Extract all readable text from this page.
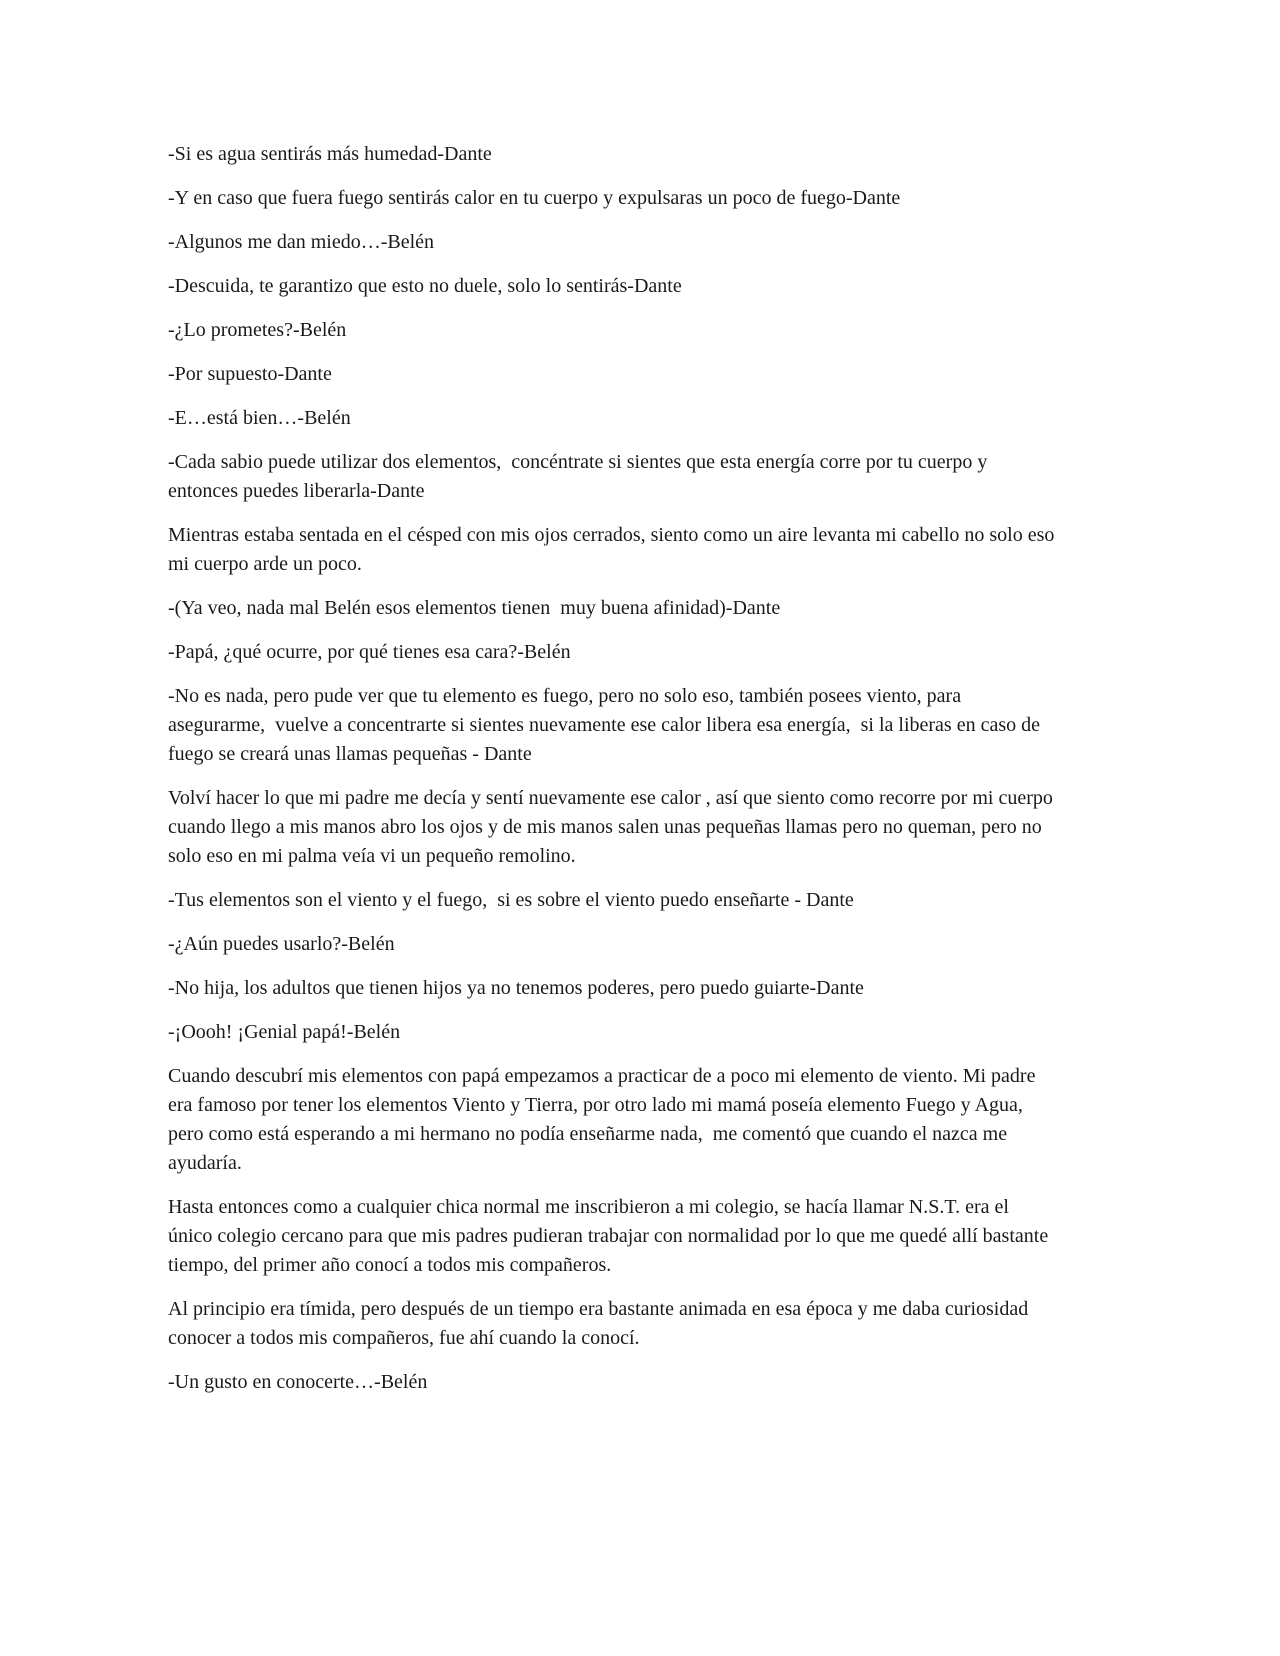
-Si es agua sentirás más humedad-Dante

-Y en caso que fuera fuego sentirás calor en tu cuerpo y expulsaras un poco de fuego-Dante

-Algunos me dan miedo…-Belén

-Descuida, te garantizo que esto no duele, solo lo sentirás-Dante

-¿Lo prometes?-Belén

-Por supuesto-Dante

-E…está bien…-Belén

-Cada sabio puede utilizar dos elementos,  concéntrate si sientes que esta energía corre por tu cuerpo y entonces puedes liberarla-Dante

Mientras estaba sentada en el césped con mis ojos cerrados, siento como un aire levanta mi cabello no solo eso mi cuerpo arde un poco.

-(Ya veo, nada mal Belén esos elementos tienen  muy buena afinidad)-Dante

-Papá, ¿qué ocurre, por qué tienes esa cara?-Belén

-No es nada, pero pude ver que tu elemento es fuego, pero no solo eso, también posees viento, para asegurarme,  vuelve a concentrarte si sientes nuevamente ese calor libera esa energía,  si la liberas en caso de fuego se creará unas llamas pequeñas - Dante

Volví hacer lo que mi padre me decía y sentí nuevamente ese calor , así que siento como recorre por mi cuerpo cuando llego a mis manos abro los ojos y de mis manos salen unas pequeñas llamas pero no queman, pero no solo eso en mi palma veía vi un pequeño remolino.

-Tus elementos son el viento y el fuego,  si es sobre el viento puedo enseñarte - Dante

-¿Aún puedes usarlo?-Belén

-No hija, los adultos que tienen hijos ya no tenemos poderes, pero puedo guiarte-Dante

-¡Oooh! ¡Genial papá!-Belén

Cuando descubrí mis elementos con papá empezamos a practicar de a poco mi elemento de viento. Mi padre era famoso por tener los elementos Viento y Tierra, por otro lado mi mamá poseía elemento Fuego y Agua, pero como está esperando a mi hermano no podía enseñarme nada,  me comentó que cuando el nazca me ayudaría.

Hasta entonces como a cualquier chica normal me inscribieron a mi colegio, se hacía llamar N.S.T. era el único colegio cercano para que mis padres pudieran trabajar con normalidad por lo que me quedé allí bastante tiempo, del primer año conocí a todos mis compañeros.

Al principio era tímida, pero después de un tiempo era bastante animada en esa época y me daba curiosidad conocer a todos mis compañeros, fue ahí cuando la conocí.

-Un gusto en conocerte…-Belén
